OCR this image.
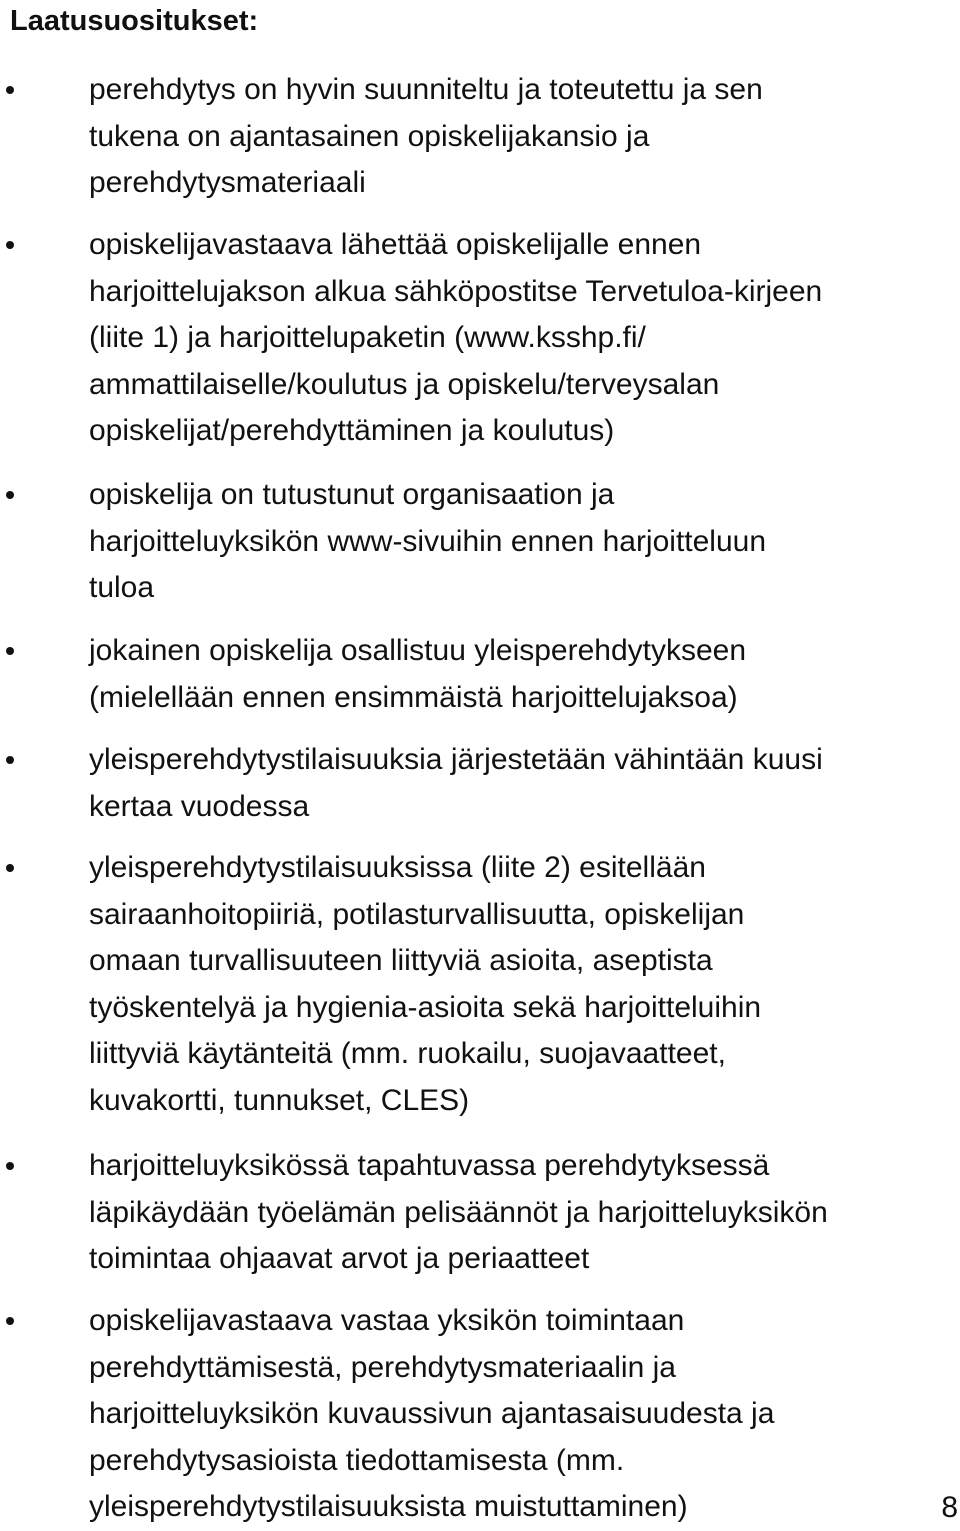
Laatusuositukset:
perehdytys on hyvin suunniteltu ja toteutettu ja sen
tukena on ajantasainen opiskelijakansio ja
perehdytysmateriaali
opiskelijavastaava lähettää opiskelijalle ennen
harjoittelujakson alkua sähköpostitse Tervetuloa-kirjeen
(liite 1) ja harjoittelupaketin (www.ksshp.fi/
ammattilaiselle/koulutus ja opiskelu/terveysalan
opiskelijat/perehdyttäminen ja koulutus)
opiskelija on tutustunut organisaation ja
harjoitteluyksikön www-sivuihin ennen harjoitteluun
tuloa
jokainen opiskelija osallistuu yleisperehdytykseen
(mielellään ennen ensimmäistä harjoittelujaksoa)
yleisperehdytystilaisuuksia järjestetään vähintään kuusi
kertaa vuodessa
yleisperehdytystilaisuuksissa (liite 2) esitellään
sairaanhoitopiiriä, potilasturvallisuutta, opiskelijan
omaan turvallisuuteen liittyviä asioita, aseptista
työskentelyä ja hygienia-asioita sekä harjoitteluihin
liittyviä käytänteitä (mm. ruokailu, suojavaatteet,
kuvakortti, tunnukset, CLES)
harjoitteluyksikössä tapahtuvassa perehdytyksessä
läpikäydään työelämän pelisäännöt ja harjoitteluyksikön
toimintaa ohjaavat arvot ja periaatteet
opiskelijavastaava vastaa yksikön toimintaan
perehdyttämisestä, perehdytysmateriaalin ja
harjoitteluyksikön kuvaussivun ajantasaisuudesta ja
perehdytysasioista tiedottamisesta (mm.
yleisperehdytystilaisuuksista muistuttaminen)	8
